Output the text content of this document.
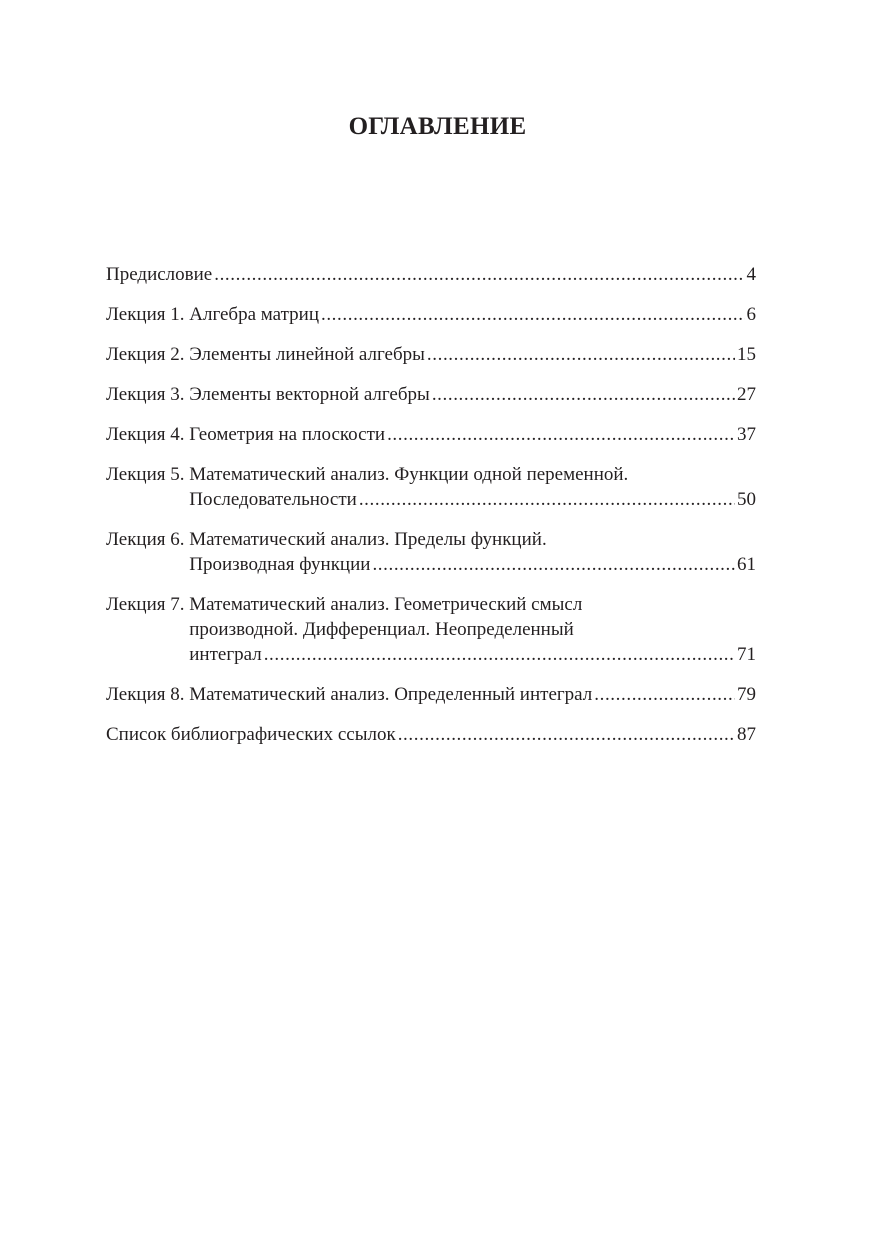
ОГЛАВЛЕНИЕ
Предисловие .....	4
Лекция 1. Алгебра матриц .....	6
Лекция 2. Элементы линейной алгебры .....	15
Лекция 3. Элементы векторной алгебры .....	27
Лекция 4. Геометрия на плоскости .....	37
Лекция 5. Математический анализ. Функции одной переменной.
Последовательности .....	50
Лекция 6. Математический анализ. Пределы функций.
Производная функции .....	61
Лекция 7. Математический анализ. Геометрический смысл
производной. Дифференциал. Неопределенный
интеграл .....	71
Лекция 8. Математический анализ. Определенный интеграл .....	79
Список библиографических ссылок .....	87
